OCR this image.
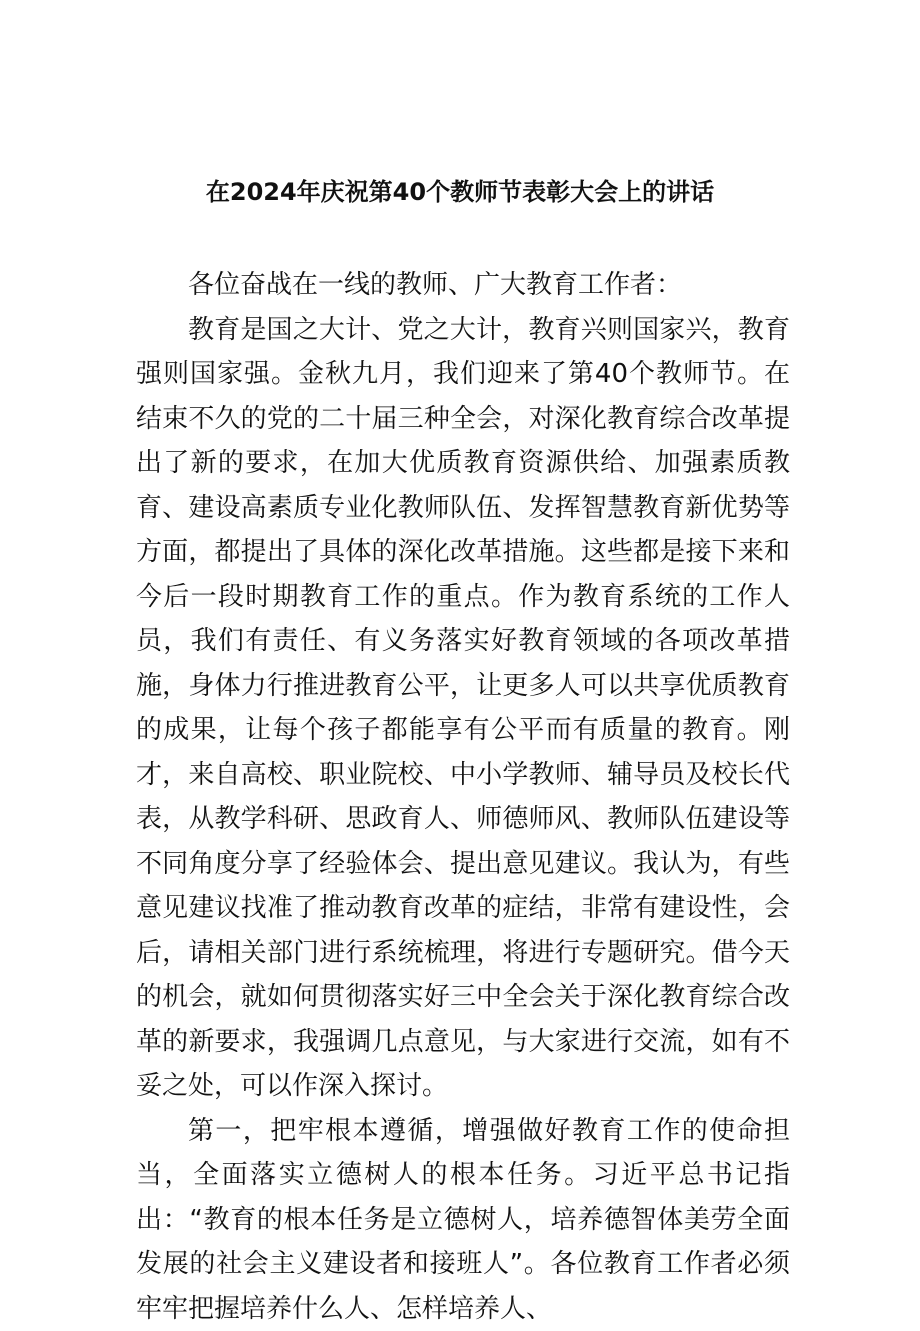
在2024年庆祝第40个教师节表彰大会上的讲话

各位奋战在一线的教师、广大教育工作者：

教育是国之大计、党之大计，教育兴则国家兴，教育强则国家强。金秋九月，我们迎来了第40个教师节。在结束不久的党的二十届三种全会，对深化教育综合改革提出了新的要求，在加大优质教育资源供给、加强素质教育、建设高素质专业化教师队伍、发挥智慧教育新优势等方面，都提出了具体的深化改革措施。这些都是接下来和今后一段时期教育工作的重点。作为教育系统的工作人员，我们有责任、有义务落实好教育领域的各项改革措施，身体力行推进教育公平，让更多人可以共享优质教育的成果，让每个孩子都能享有公平而有质量的教育。刚才，来自高校、职业院校、中小学教师、辅导员及校长代表，从教学科研、思政育人、师德师风、教师队伍建设等不同角度分享了经验体会、提出意见建议。我认为，有些意见建议找准了推动教育改革的症结，非常有建设性，会后，请相关部门进行系统梳理，将进行专题研究。借今天的机会，就如何贯彻落实好三中全会关于深化教育综合改革的新要求，我强调几点意见，与大家进行交流，如有不妥之处，可以作深入探讨。

第一，把牢根本遵循，增强做好教育工作的使命担当，全面落实立德树人的根本任务。习近平总书记指出：“教育的根本任务是立德树人，培养德智体美劳全面发展的社会主义建设者和接班人”。各位教育工作者必须牢牢把握培养什么人、怎样培养人、
